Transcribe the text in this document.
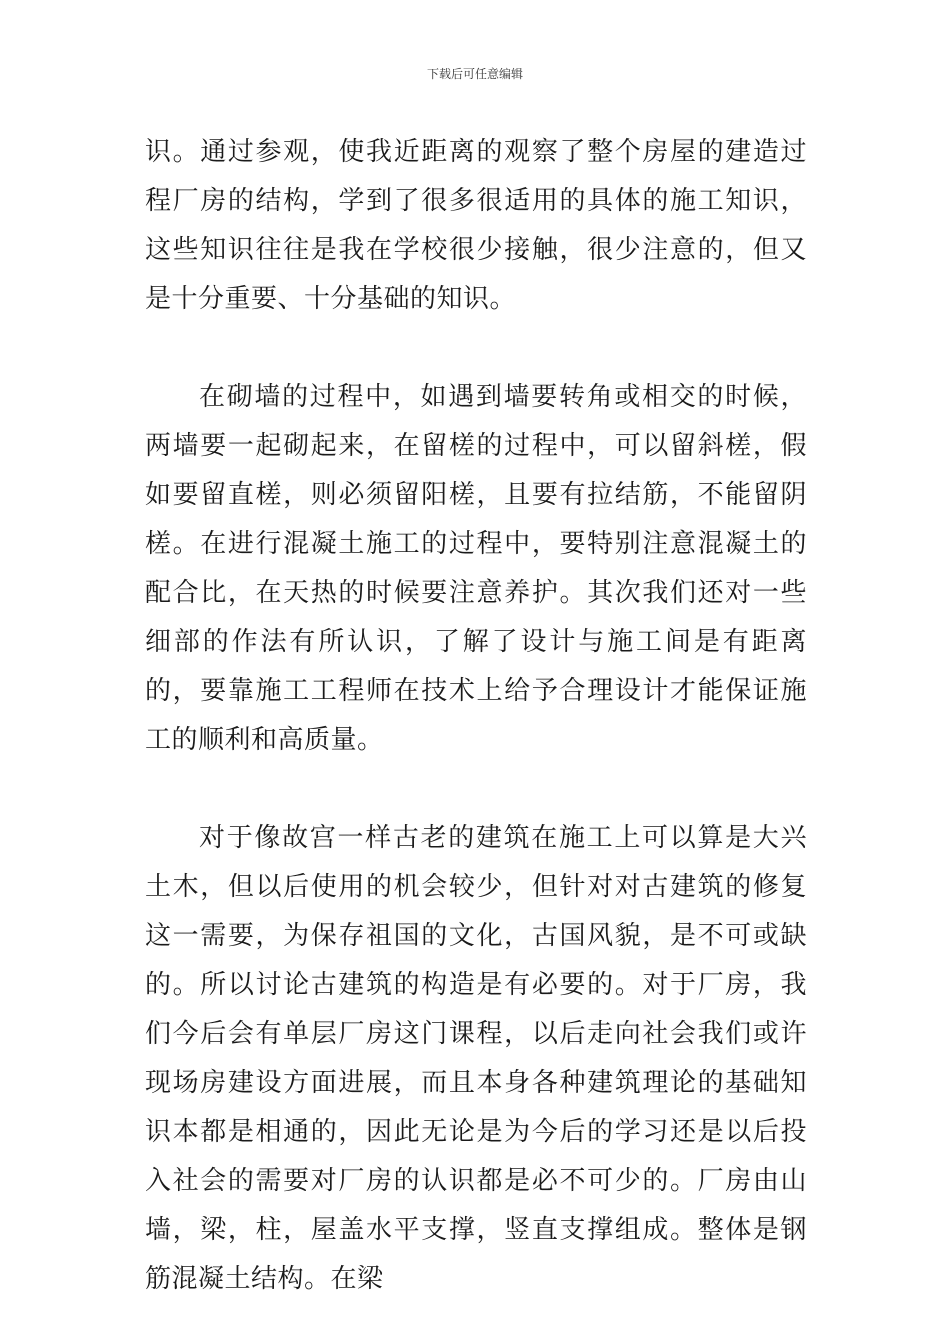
下载后可任意编辑

识。通过参观，使我近距离的观察了整个房屋的建造过程厂房的结构，学到了很多很适用的具体的施工知识，这些知识往往是我在学校很少接触，很少注意的，但又是十分重要、十分基础的知识。

在砌墙的过程中，如遇到墙要转角或相交的时候，两墙要一起砌起来，在留槎的过程中，可以留斜槎，假如要留直槎，则必须留阳槎，且要有拉结筋，不能留阴槎。在进行混凝土施工的过程中，要特别注意混凝土的配合比，在天热的时候要注意养护。其次我们还对一些细部的作法有所认识，了解了设计与施工间是有距离的，要靠施工工程师在技术上给予合理设计才能保证施工的顺利和高质量。

对于像故宫一样古老的建筑在施工上可以算是大兴土木，但以后使用的机会较少，但针对对古建筑的修复这一需要，为保存祖国的文化，古国风貌，是不可或缺的。所以讨论古建筑的构造是有必要的。对于厂房，我们今后会有单层厂房这门课程，以后走向社会我们或许现场房建设方面进展，而且本身各种建筑理论的基础知识本都是相通的，因此无论是为今后的学习还是以后投入社会的需要对厂房的认识都是必不可少的。厂房由山墙，梁，柱，屋盖水平支撑，竖直支撑组成。整体是钢筋混凝土结构。在梁
